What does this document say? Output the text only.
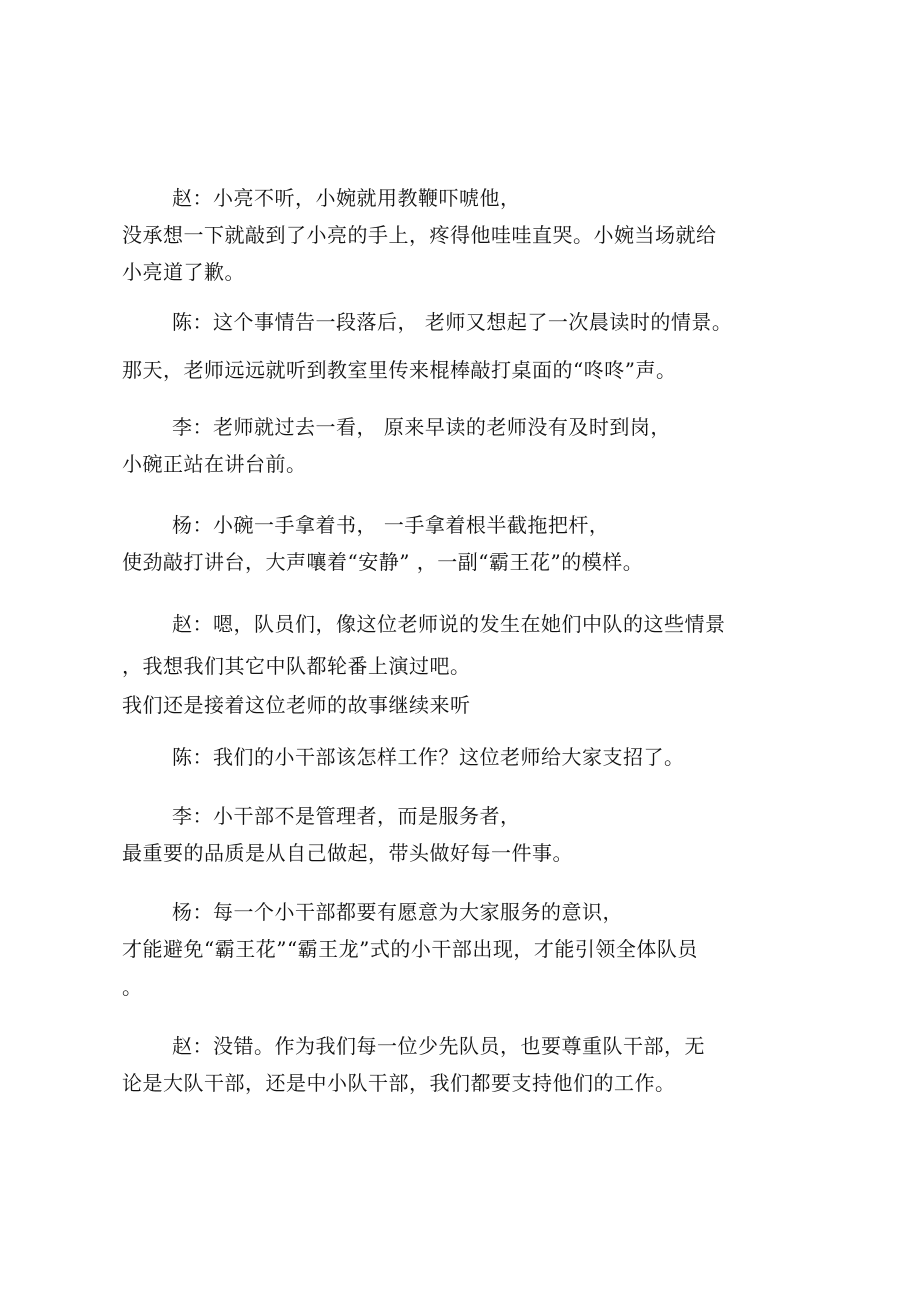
赵：小亮不听，小婉就用教鞭吓唬他，
没承想一下就敲到了小亮的手上，疼得他哇哇直哭。小婉当场就给
小亮道了歉。
陈：这个事情告一段落后， 老师又想起了一次晨读时的情景。
那天，老师远远就听到教室里传来棍棒敲打桌面的“咚咚”声。
李：老师就过去一看， 原来早读的老师没有及时到岗，
小碗正站在讲台前。
杨：小碗一手拿着书， 一手拿着根半截拖把杆，
使劲敲打讲台，大声嚷着“安静” ，一副“霸王花”的模样。
赵：嗯，队员们，像这位老师说的发生在她们中队的这些情景
，我想我们其它中队都轮番上演过吧。
我们还是接着这位老师的故事继续来听
陈：我们的小干部该怎样工作？这位老师给大家支招了。
李：小干部不是管理者，而是服务者，
最重要的品质是从自己做起，带头做好每一件事。
杨：每一个小干部都要有愿意为大家服务的意识，
才能避免“霸王花”“霸王龙”式的小干部出现，才能引领全体队员
。
赵：没错。作为我们每一位少先队员，也要尊重队干部，无
论是大队干部，还是中小队干部，我们都要支持他们的工作。
